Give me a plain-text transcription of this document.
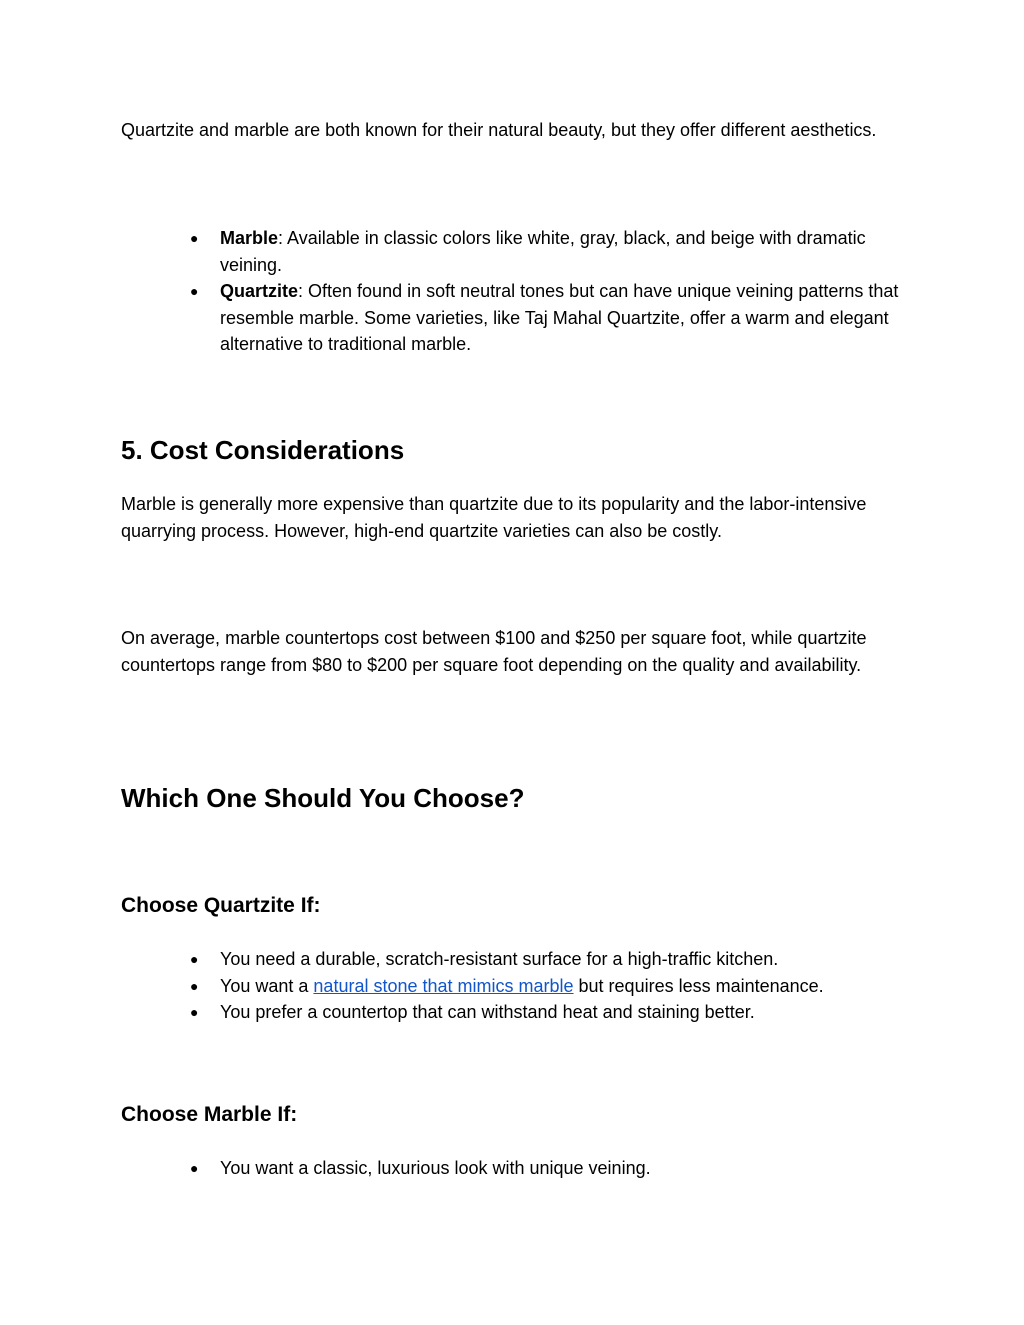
Quartzite and marble are both known for their natural beauty, but they offer different aesthetics.

● Marble: Available in classic colors like white, gray, black, and beige with dramatic veining.
● Quartzite: Often found in soft neutral tones but can have unique veining patterns that resemble marble. Some varieties, like Taj Mahal Quartzite, offer a warm and elegant alternative to traditional marble.
5. Cost Considerations

Marble is generally more expensive than quartzite due to its popularity and the labor-intensive quarrying process. However, high-end quartzite varieties can also be costly.

On average, marble countertops cost between $100 and $250 per square foot, while quartzite countertops range from $80 to $200 per square foot depending on the quality and availability.

Which One Should You Choose?
Choose Quartzite If:
● You need a durable, scratch-resistant surface for a high-traffic kitchen.
● You want a natural stone that mimics marble but requires less maintenance.
● You prefer a countertop that can withstand heat and staining better.
Choose Marble If:
● You want a classic, luxurious look with unique veining.
